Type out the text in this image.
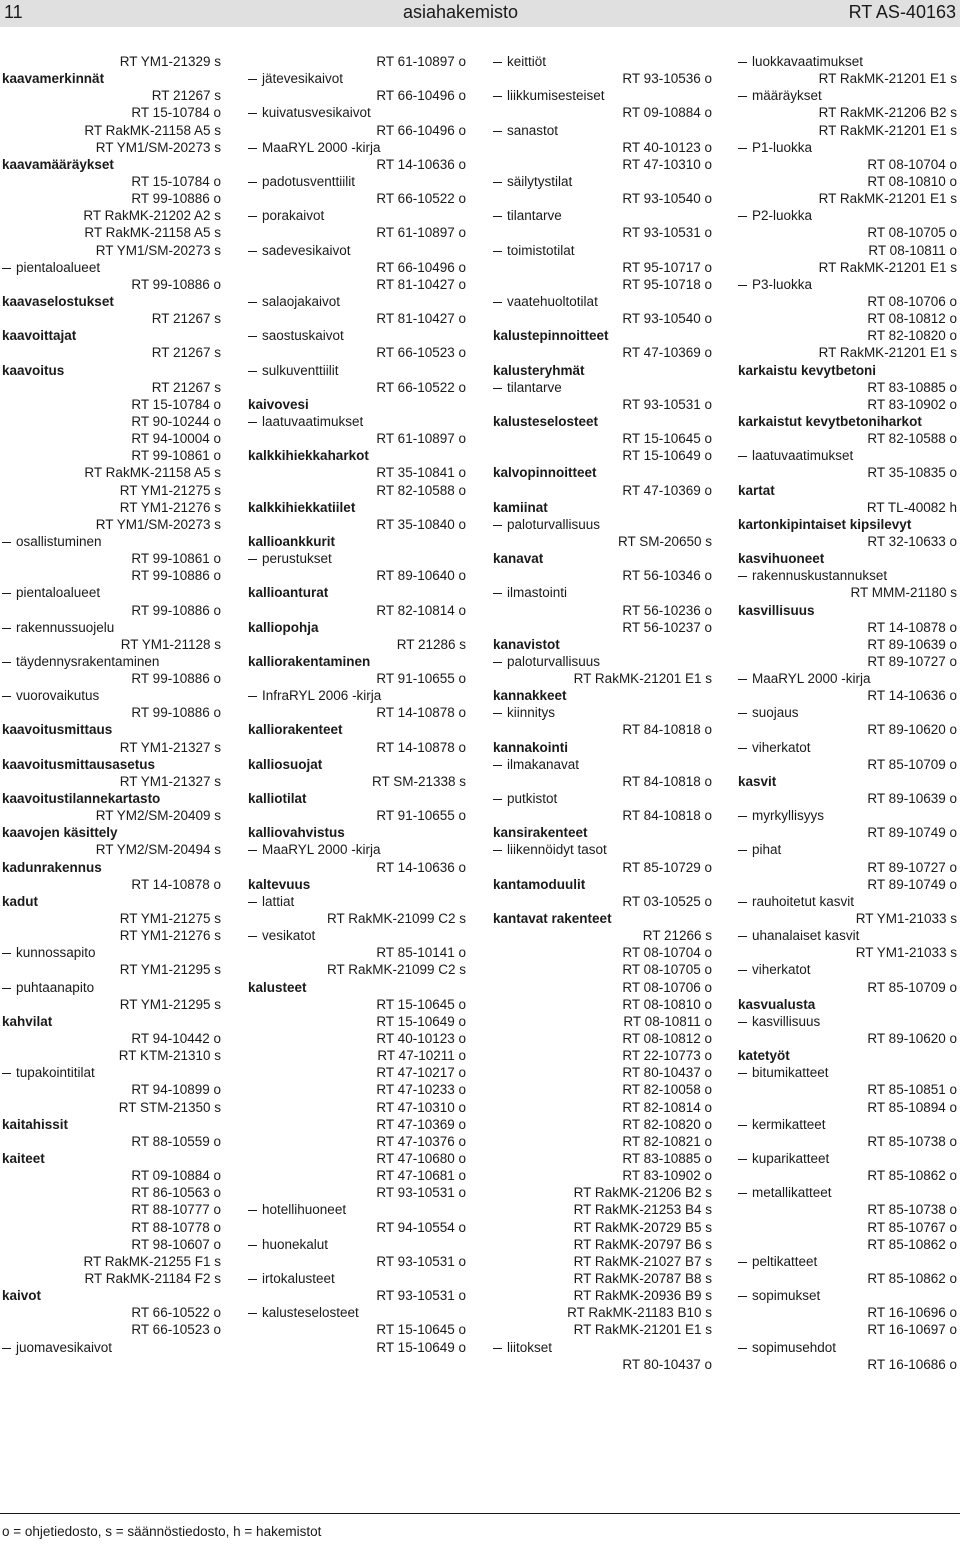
11	asiahakemisto	RT AS-40163
RT YM1-21329 s
kaavamerkinnät
RT 21267 s
RT 15-10784 o
RT RakMK-21158 A5 s
RT YM1/SM-20273 s
kaavamääräykset
RT 15-10784 o
RT 99-10886 o
RT RakMK-21202 A2 s
RT RakMK-21158 A5 s
RT YM1/SM-20273 s
pientaloalueet
RT 99-10886 o
kaavaselostukset
RT 21267 s
kaavoittajat
RT 21267 s
kaavoitus
RT 21267 s
RT 15-10784 o
RT 90-10244 o
RT 94-10004 o
RT 99-10861 o
RT RakMK-21158 A5 s
RT YM1-21275 s
RT YM1-21276 s
RT YM1/SM-20273 s
osallistuminen
RT 99-10861 o
RT 99-10886 o
pientaloalueet
RT 99-10886 o
rakennussuojelu
RT YM1-21128 s
täydennysrakentaminen
RT 99-10886 o
vuorovaikutus
RT 99-10886 o
kaavoitusmittaus
RT YM1-21327 s
kaavoitusmittausasetus
RT YM1-21327 s
kaavoitustilannekartasto
RT YM2/SM-20409 s
kaavojen käsittely
RT YM2/SM-20494 s
kadunrakennus
RT 14-10878 o
kadut
RT YM1-21275 s
RT YM1-21276 s
kunnossapito
RT YM1-21295 s
puhtaanapito
RT YM1-21295 s
kahvilat
RT 94-10442 o
RT KTM-21310 s
tupakointitilat
RT 94-10899 o
RT STM-21350 s
kaitahissit
RT 88-10559 o
kaiteet
RT 09-10884 o
RT 86-10563 o
RT 88-10777 o
RT 88-10778 o
RT 98-10607 o
RT RakMK-21255 F1 s
RT RakMK-21184 F2 s
kaivot
RT 66-10522 o
RT 66-10523 o
juomavesikaivot
RT 61-10897 o
jätevesikaivot
RT 66-10496 o
kuivatusvesikaivot
RT 66-10496 o
MaaRYL 2000 -kirja
RT 14-10636 o
padotusventtiilit
RT 66-10522 o
porakaivot
RT 61-10897 o
sadevesikaivot
RT 66-10496 o
RT 81-10427 o
salaojakaivot
RT 81-10427 o
saostuskaivot
RT 66-10523 o
sulkuventtiilit
RT 66-10522 o
kaivovesi
laatuvaatimukset
RT 61-10897 o
kalkkihiekkaharkot
RT 35-10841 o
RT 82-10588 o
kalkkihiekkatiilet
RT 35-10840 o
kallioankkurit
perustukset
RT 89-10640 o
kallioanturat
RT 82-10814 o
kalliopohja
RT 21286 s
kalliorakentaminen
RT 91-10655 o
InfraRYL 2006 -kirja
RT 14-10878 o
kalliorakenteet
RT 14-10878 o
kalliosuojat
RT SM-21338 s
kalliotilat
RT 91-10655 o
kalliovahvistus
MaaRYL 2000 -kirja
RT 14-10636 o
kaltevuus
lattiat
RT RakMK-21099 C2 s
vesikatot
RT 85-10141 o
RT RakMK-21099 C2 s
kalusteet
RT 15-10645 o
RT 15-10649 o
RT 40-10123 o
RT 47-10211 o
RT 47-10217 o
RT 47-10233 o
RT 47-10310 o
RT 47-10369 o
RT 47-10376 o
RT 47-10680 o
RT 47-10681 o
RT 93-10531 o
hotellihuoneet
RT 94-10554 o
huonekalut
RT 93-10531 o
irtokalusteet
RT 93-10531 o
kalusteselosteet
RT 15-10645 o
RT 15-10649 o
keittiöt
RT 93-10536 o
liikkumisesteiset
RT 09-10884 o
sanastot
RT 40-10123 o
RT 47-10310 o
säilytystilat
RT 93-10540 o
tilantarve
RT 93-10531 o
toimistotilat
RT 95-10717 o
RT 95-10718 o
vaatehuoltotilat
RT 93-10540 o
kalustepinnoitteet
RT 47-10369 o
kalusteryhmät
tilantarve
RT 93-10531 o
kalusteselosteet
RT 15-10645 o
RT 15-10649 o
kalvopinnoitteet
RT 47-10369 o
kamiinat
paloturvallisuus
RT SM-20650 s
kanavat
RT 56-10346 o
ilmastointi
RT 56-10236 o
RT 56-10237 o
kanavistot
paloturvallisuus
RT RakMK-21201 E1 s
kannakkeet
kiinnitys
RT 84-10818 o
kannakointi
ilmakanavat
RT 84-10818 o
putkistot
RT 84-10818 o
kansirakenteet
liikennöidyt tasot
RT 85-10729 o
kantamoduulit
RT 03-10525 o
kantavat rakenteet
RT 21266 s
RT 08-10704 o
RT 08-10705 o
RT 08-10706 o
RT 08-10810 o
RT 08-10811 o
RT 08-10812 o
RT 22-10773 o
RT 80-10437 o
RT 82-10058 o
RT 82-10814 o
RT 82-10820 o
RT 82-10821 o
RT 83-10885 o
RT 83-10902 o
RT RakMK-21206 B2 s
RT RakMK-21253 B4 s
RT RakMK-20729 B5 s
RT RakMK-20797 B6 s
RT RakMK-21027 B7 s
RT RakMK-20787 B8 s
RT RakMK-20936 B9 s
RT RakMK-21183 B10 s
RT RakMK-21201 E1 s
liitokset
RT 80-10437 o
luokkavaatimukset
RT RakMK-21201 E1 s
määräykset
RT RakMK-21206 B2 s
RT RakMK-21201 E1 s
P1-luokka
RT 08-10704 o
RT 08-10810 o
RT RakMK-21201 E1 s
P2-luokka
RT 08-10705 o
RT 08-10811 o
RT RakMK-21201 E1 s
P3-luokka
RT 08-10706 o
RT 08-10812 o
RT 82-10820 o
RT RakMK-21201 E1 s
karkaistu kevytbetoni
RT 83-10885 o
RT 83-10902 o
karkaistut kevytbetoniharkot
RT 82-10588 o
laatuvaatimukset
RT 35-10835 o
kartat
RT TL-40082 h
kartonkipintaiset kipsilevyt
RT 32-10633 o
kasvihuoneet
rakennuskustannukset
RT MMM-21180 s
kasvillisuus
RT 14-10878 o
RT 89-10639 o
RT 89-10727 o
MaaRYL 2000 -kirja
RT 14-10636 o
suojaus
RT 89-10620 o
viherkatot
RT 85-10709 o
kasvit
RT 89-10639 o
myrkyllisyys
RT 89-10749 o
pihat
RT 89-10727 o
RT 89-10749 o
rauhoitetut kasvit
RT YM1-21033 s
uhanalaiset kasvit
RT YM1-21033 s
viherkatot
RT 85-10709 o
kasvualusta
kasvillisuus
RT 89-10620 o
katetyöt
bitumikatteet
RT 85-10851 o
RT 85-10894 o
kermikatteet
RT 85-10738 o
kuparikatteet
RT 85-10862 o
metallikatteet
RT 85-10738 o
RT 85-10767 o
RT 85-10862 o
peltikatteet
RT 85-10862 o
sopimukset
RT 16-10696 o
RT 16-10697 o
sopimusehdot
RT 16-10686 o
o = ohjetiedosto, s = säännöstiedosto, h = hakemistot
